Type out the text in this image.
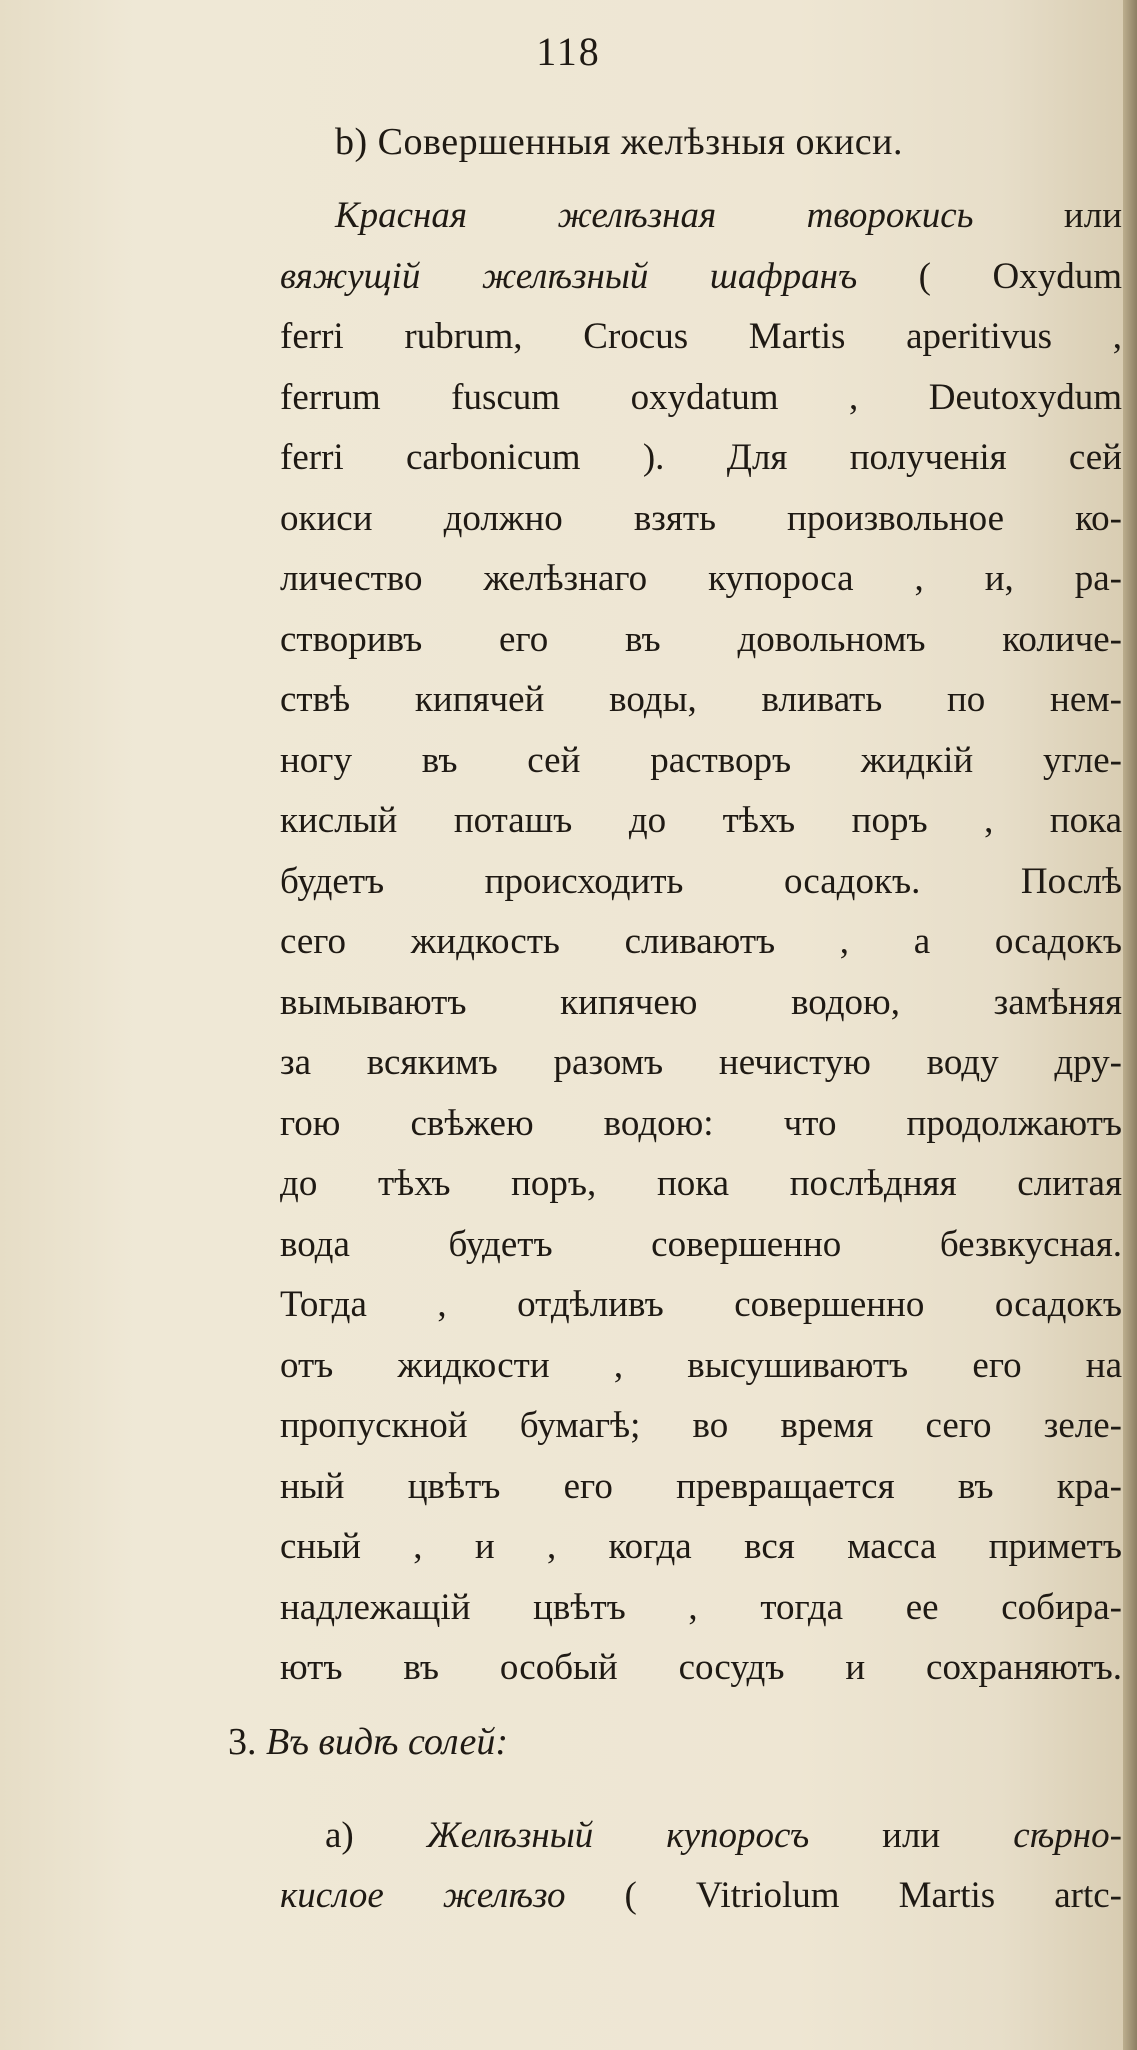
118
b) Совершенныя желѣзныя окиси.
Красная желѣзная творокись или
вяжущій желѣзный шафранъ ( Oxydum
ferri rubrum, Crocus Martis aperitivus ,
ferrum fuscum oxydatum , Deutoxydum
ferri carbonicum ). Для полученія сей
окиси должно взять произвольное ко-
личество желѣзнаго купороса , и, ра-
створивъ его въ довольномъ количе-
ствѣ кипячей воды, вливать по нем-
ногу въ сей растворъ жидкій угле-
кислый поташъ до тѣхъ поръ , пока
будетъ происходить осадокъ. Послѣ
сего жидкость сливаютъ , а осадокъ
вымываютъ кипячею водою, замѣняя
за всякимъ разомъ нечистую воду дру-
гою свѣжею водою: что продолжаютъ
до тѣхъ поръ, пока послѣдняя слитая
вода будетъ совершенно безвкусная.
Тогда , отдѣливъ совершенно осадокъ
отъ жидкости , высушиваютъ его на
пропускной бумагѣ; во время сего зеле-
ный цвѣтъ его превращается въ кра-
сный , и , когда вся масса приметъ
надлежащій цвѣтъ , тогда ее собира-
ютъ въ особый сосудъ и сохраняютъ.
3. Въ видѣ солей:
a) Желѣзный купоросъ или сѣрно-
кислое желѣзо ( Vitriolum Martis artc-
